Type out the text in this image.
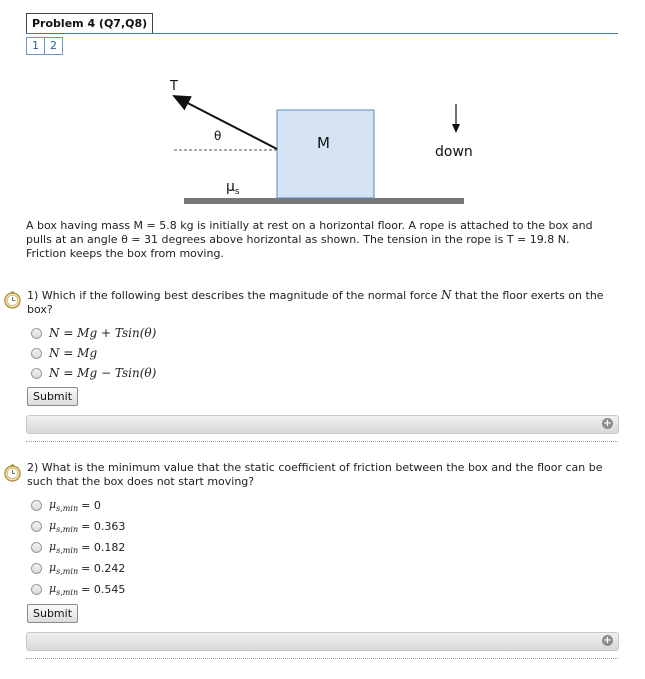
Problem 4 (Q7,Q8)
1	2
T
θ	M	down
$\mu_s$
A box having mass M = 5.8 kg is initially at rest on a horizontal floor. A rope is attached to the box and pulls at an angle θ = 31 degrees above horizontal as shown. The tension in the rope is T = 19.8 N. Friction keeps the box from moving.
1) Which if the following best describes the magnitude of the normal force N that the floor exerts on the box?
N = Mg + Tsin(θ)
N = Mg
N = Mg − Tsin(θ)
Submit
+
2) What is the minimum value that the static coefficient of friction between the box and the floor can be such that the box does not start moving?
$\mu_{s,min} = 0$
$\mu_{s,min} = 0.363$
$\mu_{s,min} = 0.182$
$\mu_{s,min} = 0.242$
$\mu_{s,min} = 0.545$
Submit
+
